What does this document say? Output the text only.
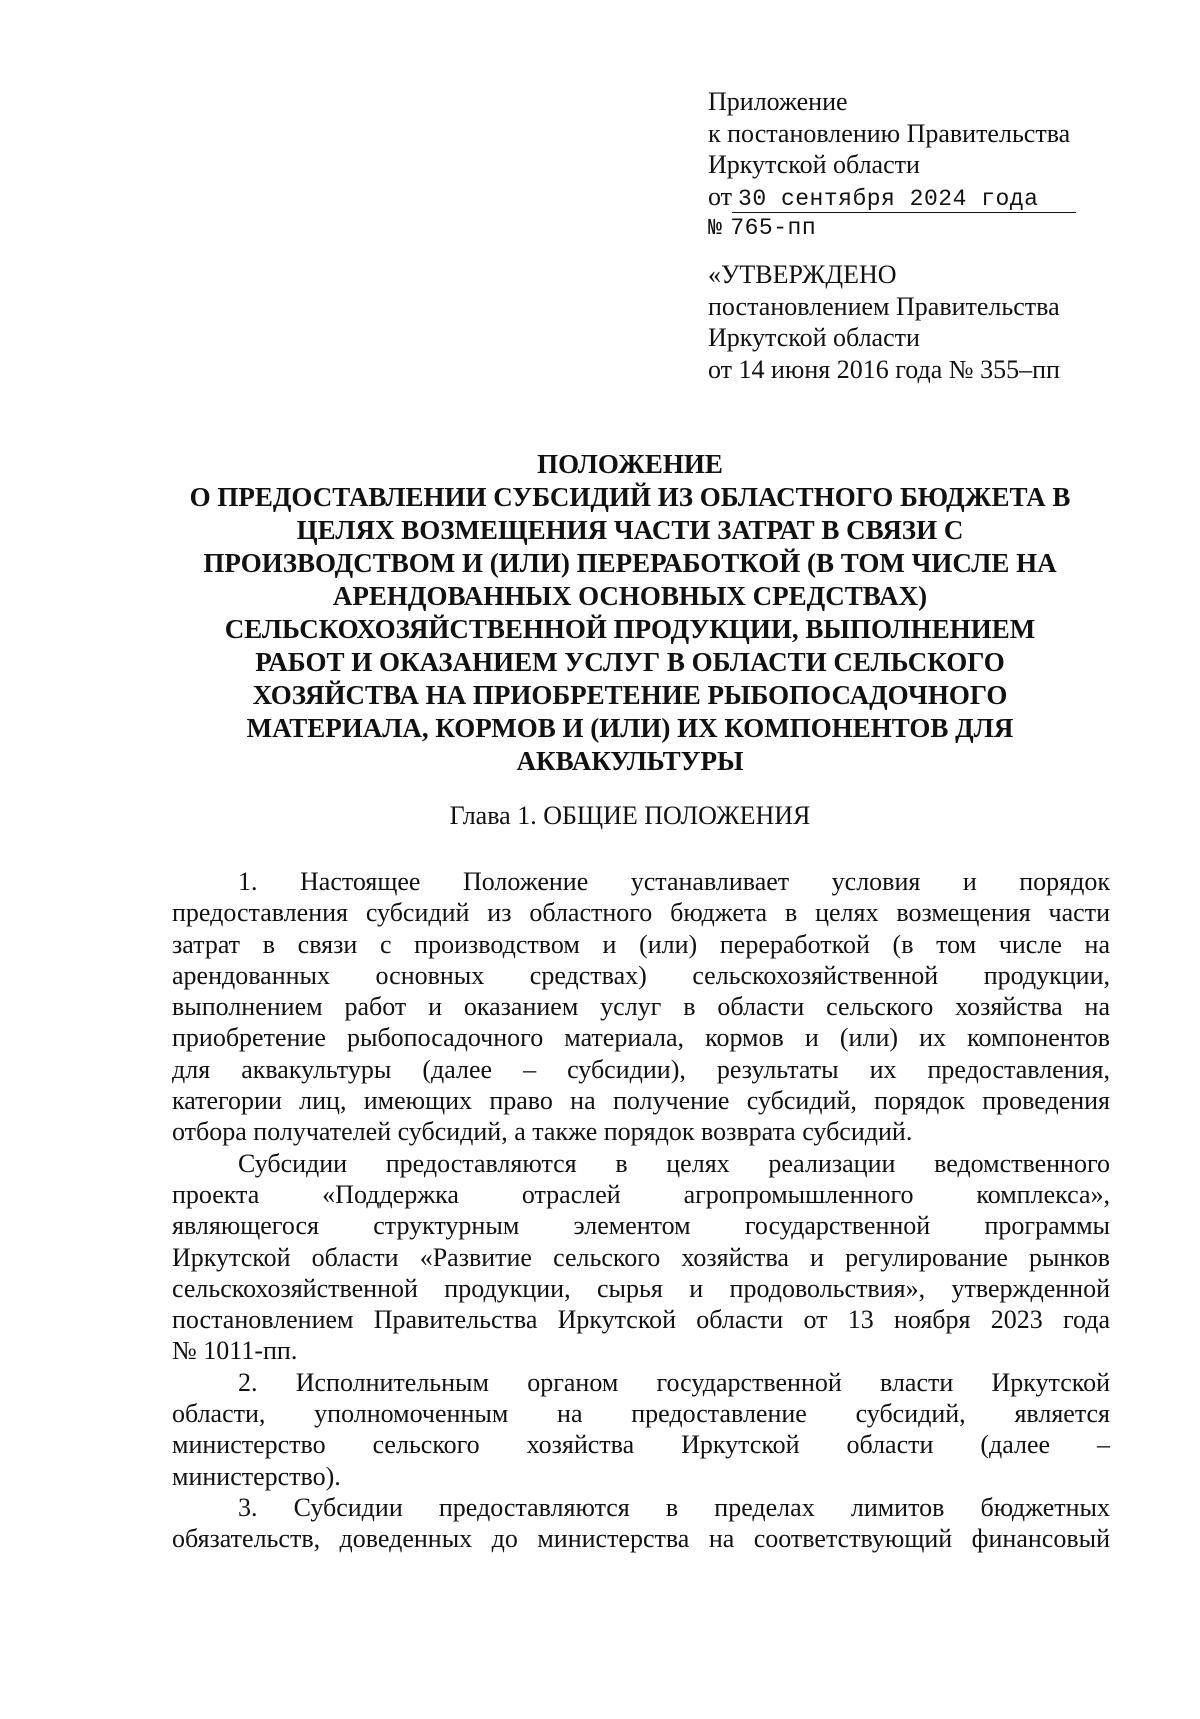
Приложение
к постановлению Правительства
Иркутской области
от 30 сентября 2024 года
№ 765-пп
«УТВЕРЖДЕНО
постановлением Правительства
Иркутской области
от 14 июня 2016 года № 355–пп
ПОЛОЖЕНИЕ
О ПРЕДОСТАВЛЕНИИ СУБСИДИЙ ИЗ ОБЛАСТНОГО БЮДЖЕТА В
ЦЕЛЯХ ВОЗМЕЩЕНИЯ ЧАСТИ ЗАТРАТ В СВЯЗИ С
ПРОИЗВОДСТВОМ И (ИЛИ) ПЕРЕРАБОТКОЙ (В ТОМ ЧИСЛЕ НА
АРЕНДОВАННЫХ ОСНОВНЫХ СРЕДСТВАХ)
СЕЛЬСКОХОЗЯЙСТВЕННОЙ ПРОДУКЦИИ, ВЫПОЛНЕНИЕМ
РАБОТ И ОКАЗАНИЕМ УСЛУГ В ОБЛАСТИ СЕЛЬСКОГО
ХОЗЯЙСТВА НА ПРИОБРЕТЕНИЕ РЫБОПОСАДОЧНОГО
МАТЕРИАЛА, КОРМОВ И (ИЛИ) ИХ КОМПОНЕНТОВ ДЛЯ
АКВАКУЛЬТУРЫ
Глава 1. ОБЩИЕ ПОЛОЖЕНИЯ
1. Настоящее Положение устанавливает условия и порядок
предоставления субсидий из областного бюджета в целях возмещения части
затрат в связи с производством и (или) переработкой (в том числе на
арендованных основных средствах) сельскохозяйственной продукции,
выполнением работ и оказанием услуг в области сельского хозяйства на
приобретение рыбопосадочного материала, кормов и (или) их компонентов
для аквакультуры (далее – субсидии), результаты их предоставления,
категории лиц, имеющих право на получение субсидий, порядок проведения
отбора получателей субсидий, а также порядок возврата субсидий.
Субсидии предоставляются в целях реализации ведомственного
проекта «Поддержка отраслей агропромышленного комплекса»,
являющегося структурным элементом государственной программы
Иркутской области «Развитие сельского хозяйства и регулирование рынков
сельскохозяйственной продукции, сырья и продовольствия», утвержденной
постановлением Правительства Иркутской области от 13 ноября 2023 года
№ 1011-пп.
2. Исполнительным органом государственной власти Иркутской
области, уполномоченным на предоставление субсидий, является
министерство сельского хозяйства Иркутской области (далее –
министерство).
3. Субсидии предоставляются в пределах лимитов бюджетных
обязательств, доведенных до министерства на соответствующий финансовый
